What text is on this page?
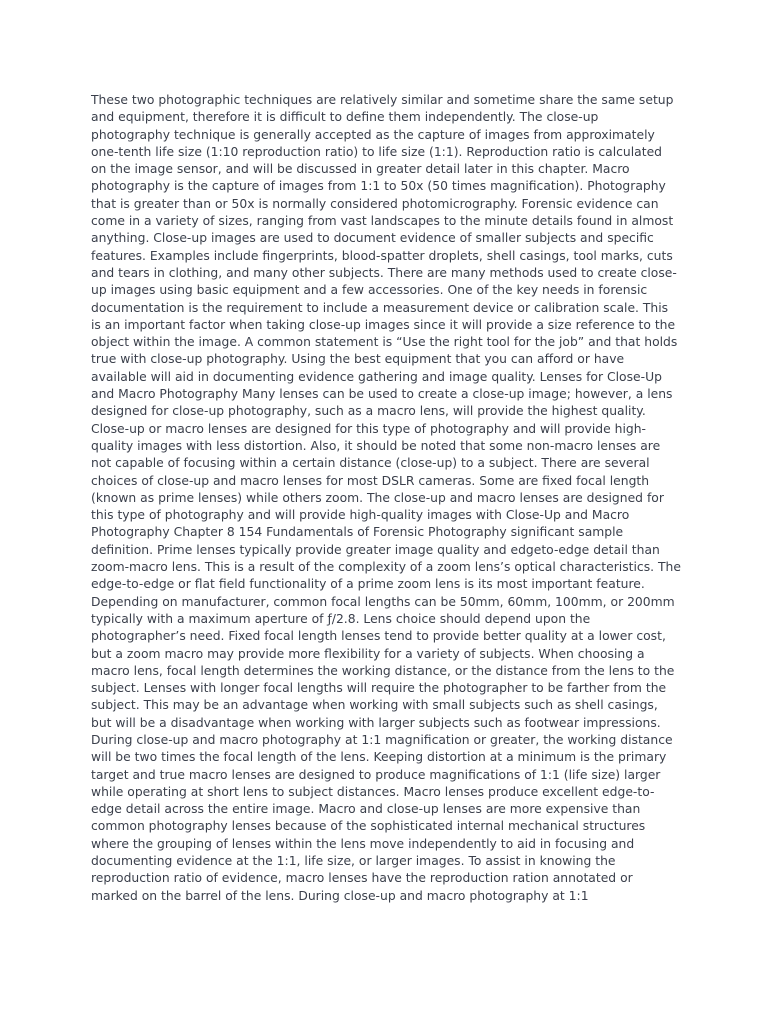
These two photographic techniques are relatively similar and sometime share the same setup and equipment, therefore it is difficult to define them independently. The close-up photography technique is generally accepted as the capture of images from approximately one-tenth life size (1:10 reproduction ratio) to life size (1:1). Reproduction ratio is calculated on the image sensor, and will be discussed in greater detail later in this chapter. Macro photography is the capture of images from 1:1 to 50x (50 times magnification). Photography that is greater than or 50x is normally considered photomicrography. Forensic evidence can come in a variety of sizes, ranging from vast landscapes to the minute details found in almost anything. Close-up images are used to document evidence of smaller subjects and specific features. Examples include fingerprints, blood-spatter droplets, shell casings, tool marks, cuts and tears in clothing, and many other subjects. There are many methods used to create close-up images using basic equipment and a few accessories. One of the key needs in forensic documentation is the requirement to include a measurement device or calibration scale. This is an important factor when taking close-up images since it will provide a size reference to the object within the image. A common statement is “Use the right tool for the job” and that holds true with close-up photography. Using the best equipment that you can afford or have available will aid in documenting evidence gathering and image quality. Lenses for Close-Up and Macro Photography Many lenses can be used to create a close-up image; however, a lens designed for close-up photography, such as a macro lens, will provide the highest quality. Close-up or macro lenses are designed for this type of photography and will provide high-quality images with less distortion. Also, it should be noted that some non-macro lenses are not capable of focusing within a certain distance (close-up) to a subject. There are several choices of close-up and macro lenses for most DSLR cameras. Some are fixed focal length (known as prime lenses) while others zoom. The close-up and macro lenses are designed for this type of photography and will provide high-quality images with Close-Up and Macro Photography Chapter 8 154 Fundamentals of Forensic Photography significant sample definition. Prime lenses typically provide greater image quality and edgeto-edge detail than zoom-macro lens. This is a result of the complexity of a zoom lens’s optical characteristics. The edge-to-edge or flat field functionality of a prime zoom lens is its most important feature. Depending on manufacturer, common focal lengths can be 50mm, 60mm, 100mm, or 200mm typically with a maximum aperture of ƒ/2.8. Lens choice should depend upon the photographer’s need. Fixed focal length lenses tend to provide better quality at a lower cost, but a zoom macro may provide more flexibility for a variety of subjects. When choosing a macro lens, focal length determines the working distance, or the distance from the lens to the subject. Lenses with longer focal lengths will require the photographer to be farther from the subject. This may be an advantage when working with small subjects such as shell casings, but will be a disadvantage when working with larger subjects such as footwear impressions. During close-up and macro photography at 1:1 magnification or greater, the working distance will be two times the focal length of the lens. Keeping distortion at a minimum is the primary target and true macro lenses are designed to produce magnifications of 1:1 (life size) larger while operating at short lens to subject distances. Macro lenses produce excellent edge-to-edge detail across the entire image. Macro and close-up lenses are more expensive than common photography lenses because of the sophisticated internal mechanical structures where the grouping of lenses within the lens move independently to aid in focusing and documenting evidence at the 1:1, life size, or larger images. To assist in knowing the reproduction ratio of evidence, macro lenses have the reproduction ration annotated or marked on the barrel of the lens. During close-up and macro photography at 1:1
